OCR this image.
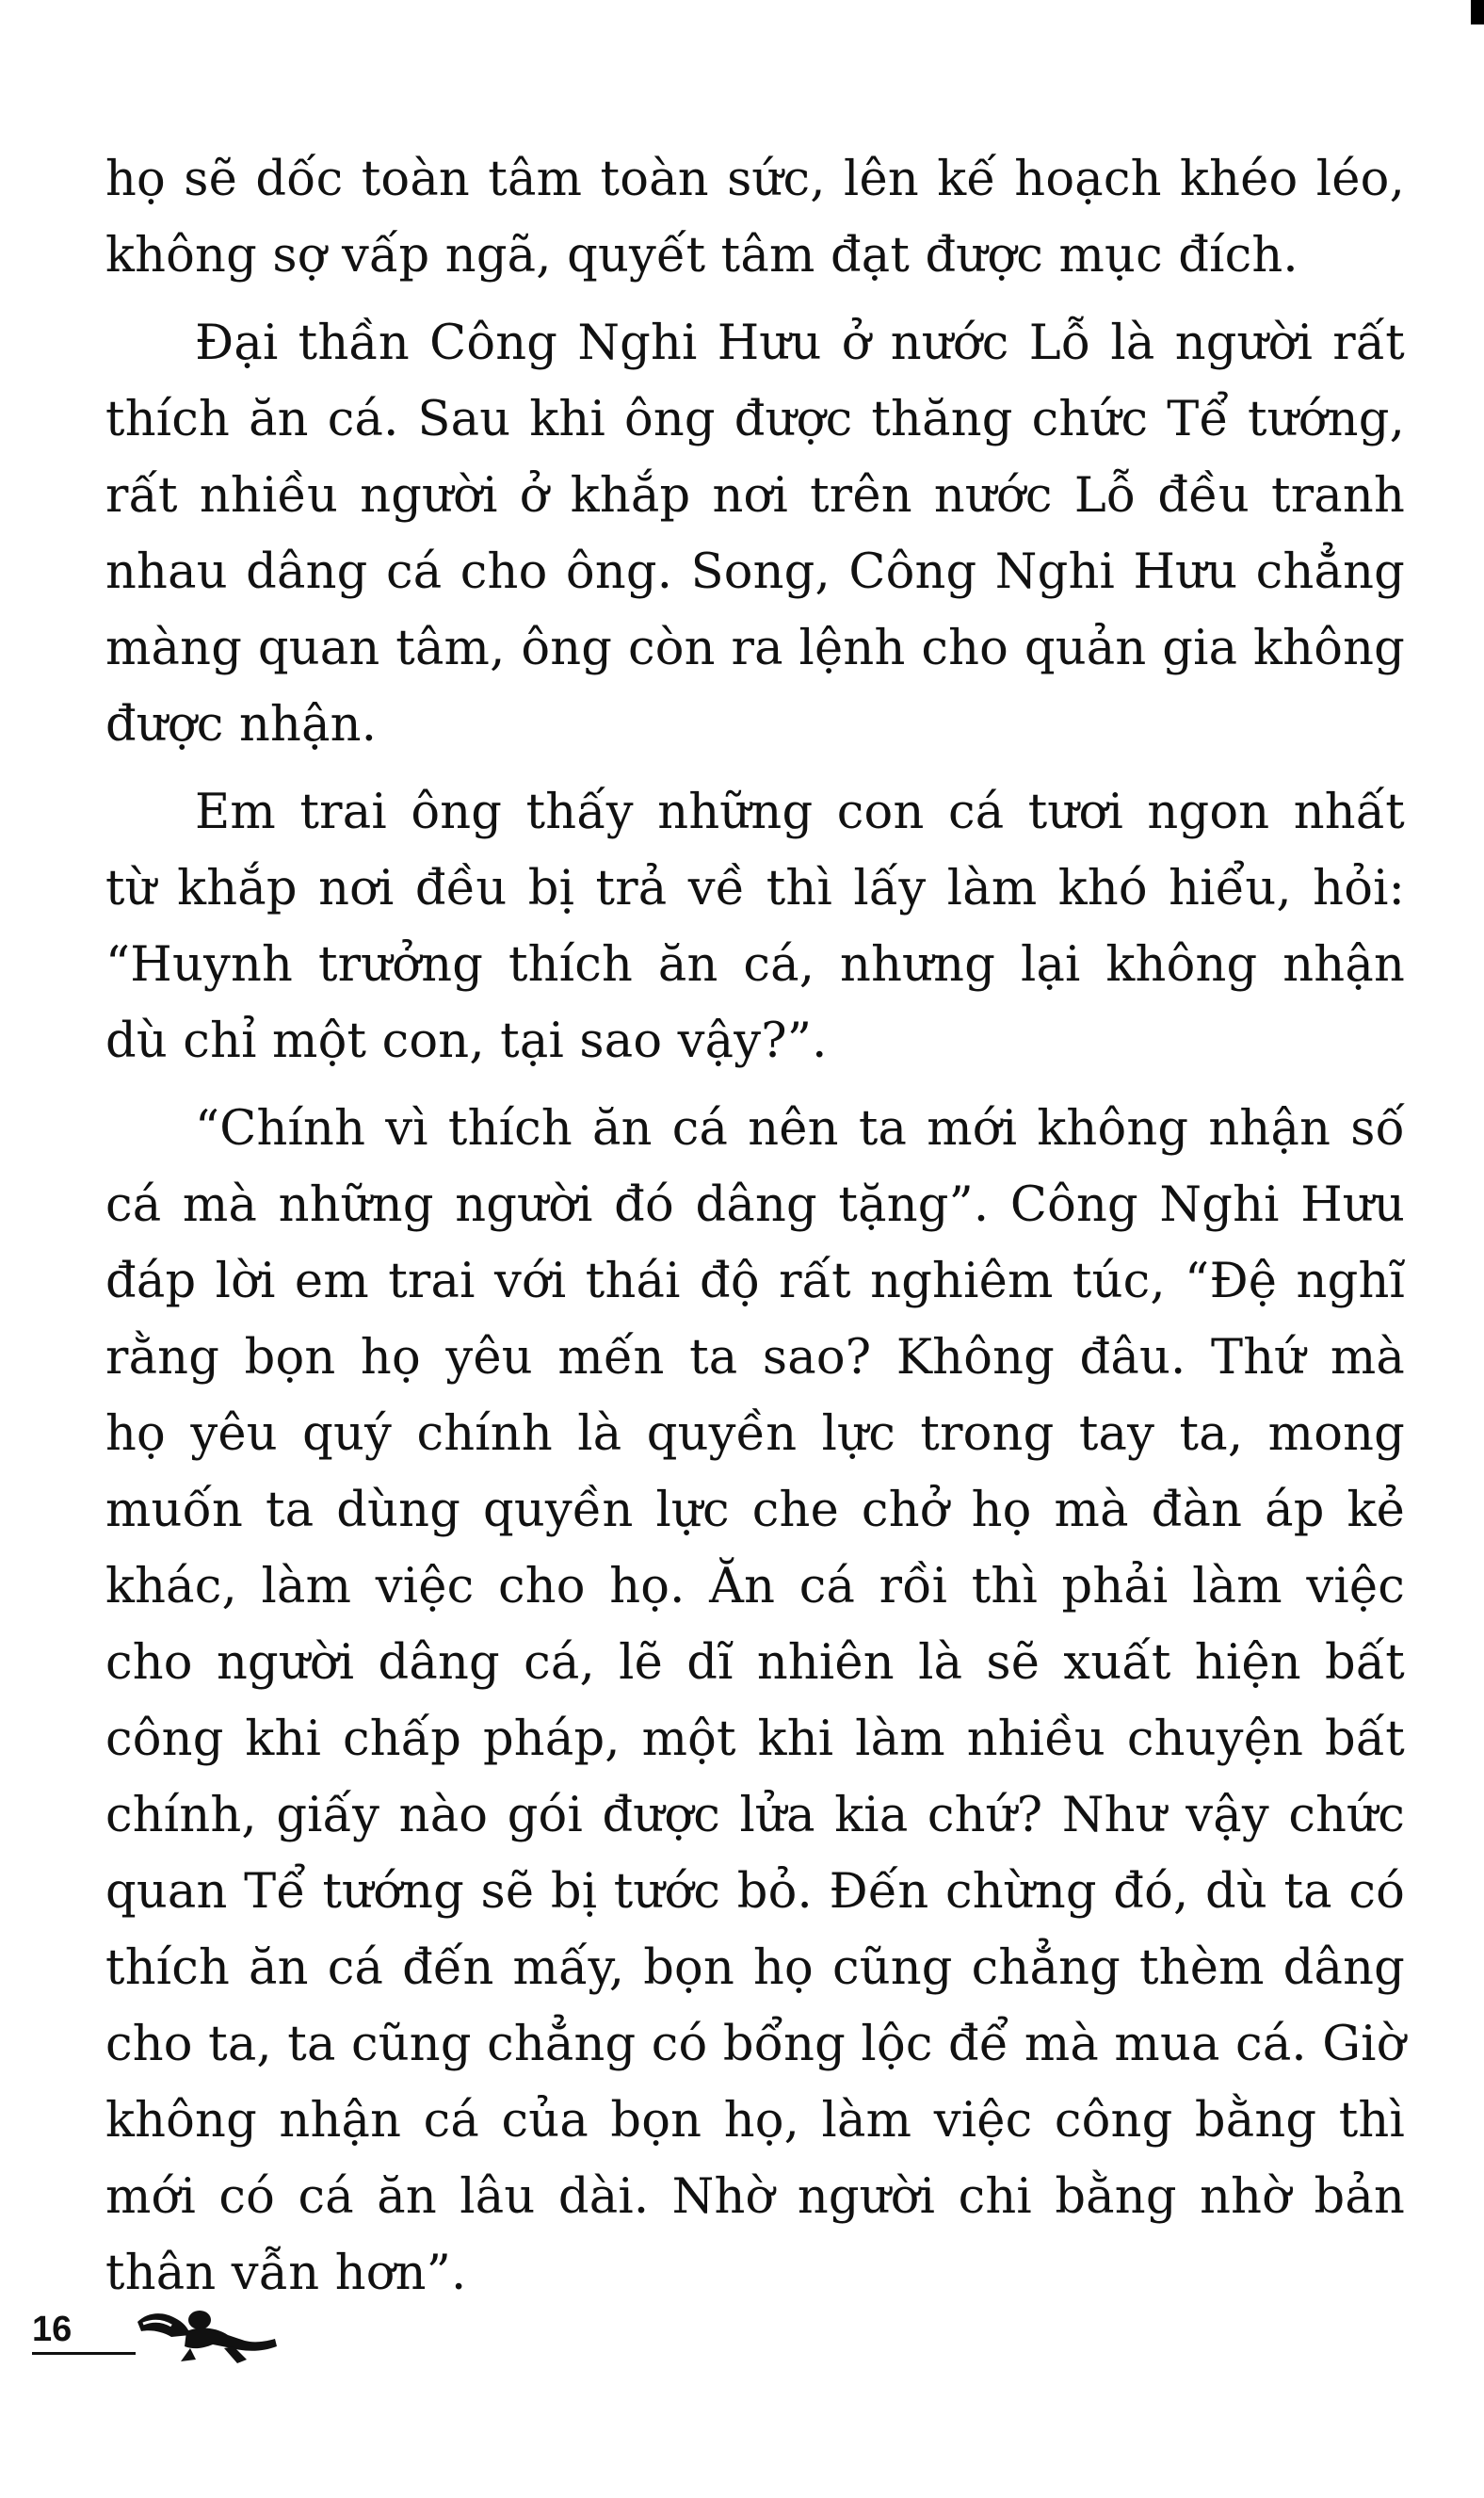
họ sẽ dốc toàn tâm toàn sức, lên kế hoạch khéo léo,
không sợ vấp ngã, quyết tâm đạt được mục đích.
Đại thần Công Nghi Hưu ở nước Lỗ là người rất
thích ăn cá. Sau khi ông được thăng chức Tể tướng,
rất nhiều người ở khắp nơi trên nước Lỗ đều tranh
nhau dâng cá cho ông. Song, Công Nghi Hưu chẳng
màng quan tâm, ông còn ra lệnh cho quản gia không
được nhận.
Em trai ông thấy những con cá tươi ngon nhất
từ khắp nơi đều bị trả về thì lấy làm khó hiểu, hỏi:
“Huynh trưởng thích ăn cá, nhưng lại không nhận
dù chỉ một con, tại sao vậy?”.
“Chính vì thích ăn cá nên ta mới không nhận số
cá mà những người đó dâng tặng”. Công Nghi Hưu
đáp lời em trai với thái độ rất nghiêm túc, “Đệ nghĩ
rằng bọn họ yêu mến ta sao? Không đâu. Thứ mà
họ yêu quý chính là quyền lực trong tay ta, mong
muốn ta dùng quyền lực che chở họ mà đàn áp kẻ
khác, làm việc cho họ. Ăn cá rồi thì phải làm việc
cho người dâng cá, lẽ dĩ nhiên là sẽ xuất hiện bất
công khi chấp pháp, một khi làm nhiều chuyện bất
chính, giấy nào gói được lửa kia chứ? Như vậy chức
quan Tể tướng sẽ bị tước bỏ. Đến chừng đó, dù ta có
thích ăn cá đến mấy, bọn họ cũng chẳng thèm dâng
cho ta, ta cũng chẳng có bổng lộc để mà mua cá. Giờ
không nhận cá của bọn họ, làm việc công bằng thì
mới có cá ăn lâu dài. Nhờ người chi bằng nhờ bản
thân vẫn hơn”.
16
